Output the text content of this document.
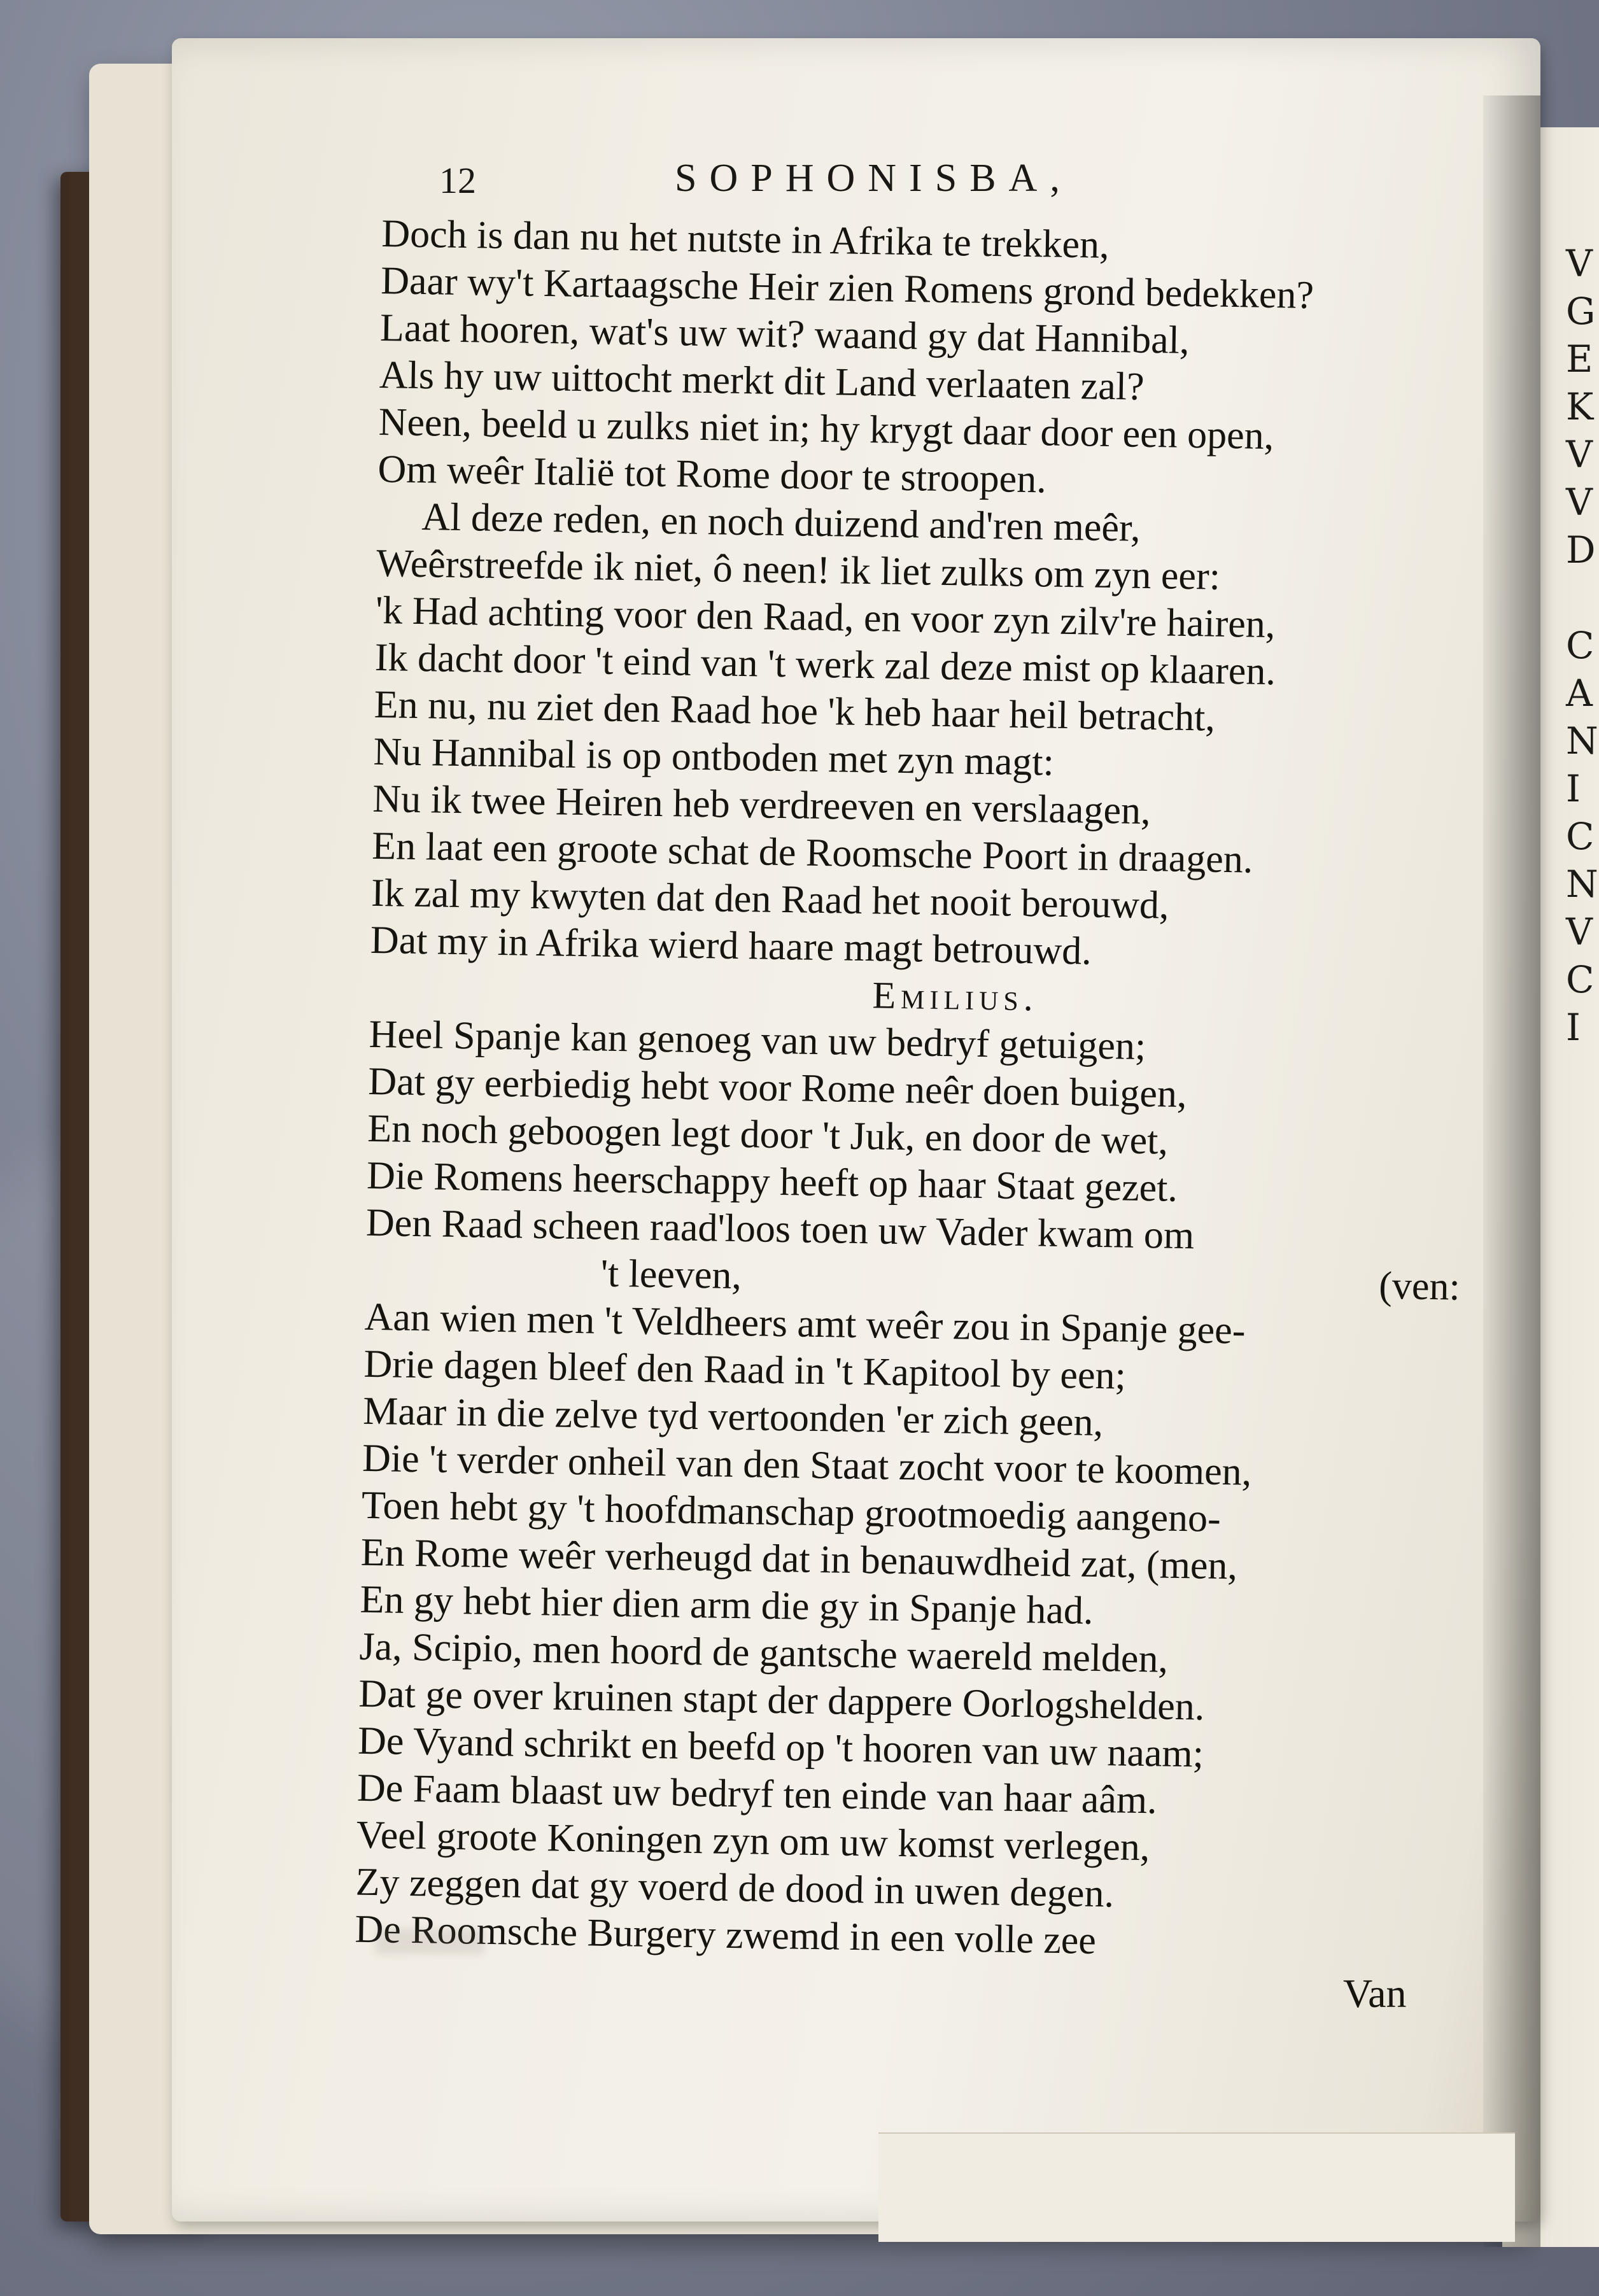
V
G
E
K
V
V
D
C
A
N
I
C
N
V
C
I
12	SOPHONISBA,
Doch is dan nu het nutste in Afrika te trekken,
Daar wy't Kartaagsche Heir zien Romens grond bedekken?
Laat hooren, wat's uw wit? waand gy dat Hannibal,
Als hy uw uittocht merkt dit Land verlaaten zal?
Neen, beeld u zulks niet in; hy krygt daar door een open,
Om weêr Italië tot Rome door te stroopen.
Al deze reden, en noch duizend and'ren meêr,
Weêrstreefde ik niet, ô neen! ik liet zulks om zyn eer:
'k Had achting voor den Raad, en voor zyn zilv're hairen,
Ik dacht door 't eind van 't werk zal deze mist op klaaren.
En nu, nu ziet den Raad hoe 'k heb haar heil betracht,
Nu Hannibal is op ontboden met zyn magt:
Nu ik twee Heiren heb verdreeven en verslaagen,
En laat een groote schat de Roomsche Poort in draagen.
Ik zal my kwyten dat den Raad het nooit berouwd,
Dat my in Afrika wierd haare magt betrouwd.
Emilius.
Heel Spanje kan genoeg van uw bedryf getuigen;
Dat gy eerbiedig hebt voor Rome neêr doen buigen,
En noch geboogen legt door 't Juk, en door de wet,
Die Romens heerschappy heeft op haar Staat gezet.
Den Raad scheen raad'loos toen uw Vader kwam om
't leeven,	(ven:
Aan wien men 't Veldheers amt weêr zou in Spanje gee-
Drie dagen bleef den Raad in 't Kapitool by een;
Maar in die zelve tyd vertoonden 'er zich geen,
Die 't verder onheil van den Staat zocht voor te koomen,
Toen hebt gy 't hoofdmanschap grootmoedig aangeno-
En Rome weêr verheugd dat in benauwdheid zat, (men,
En gy hebt hier dien arm die gy in Spanje had.
Ja, Scipio, men hoord de gantsche waereld melden,
Dat ge over kruinen stapt der dappere Oorlogshelden.
De Vyand schrikt en beefd op 't hooren van uw naam;
De Faam blaast uw bedryf ten einde van haar aâm.
Veel groote Koningen zyn om uw komst verlegen,
Zy zeggen dat gy voerd de dood in uwen degen.
De Roomsche Burgery zwemd in een volle zee
Van
